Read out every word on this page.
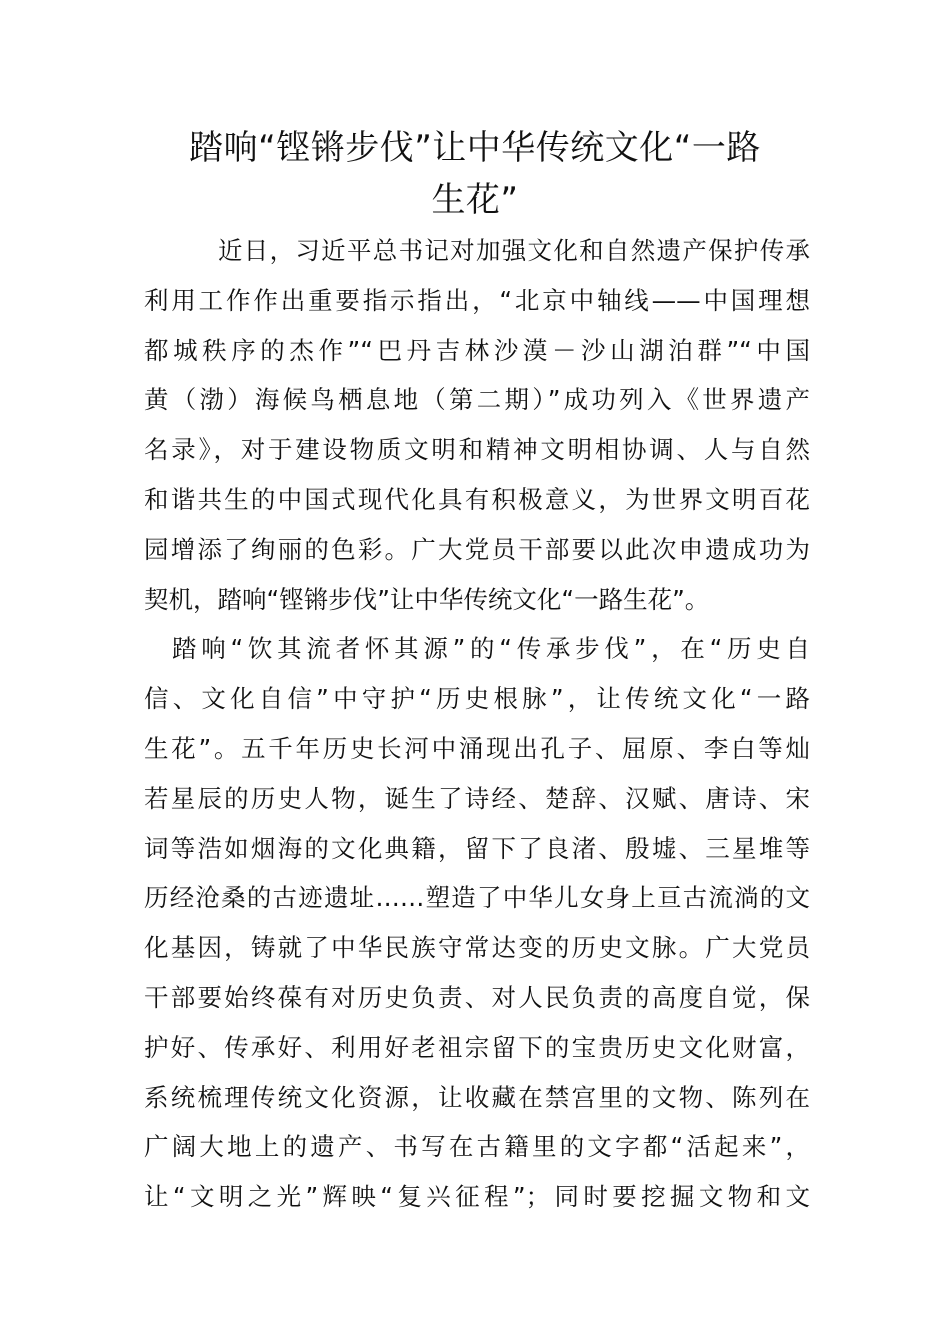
踏响“铿锵步伐”让中华传统文化“一路
生花”
近日，习近平总书记对加强文化和自然遗产保护传承
利用工作作出重要指示指出，“北京中轴线——中国理想
都城秩序的杰作”“巴丹吉林沙漠－沙山湖泊群”“中国
黄（渤）海候鸟栖息地（第二期）”成功列入《世界遗产
名录》，对于建设物质文明和精神文明相协调、人与自然
和谐共生的中国式现代化具有积极意义，为世界文明百花
园增添了绚丽的色彩。广大党员干部要以此次申遗成功为
契机，踏响“铿锵步伐”让中华传统文化“一路生花”。
踏响“饮其流者怀其源”的“传承步伐”，在“历史自
信、文化自信”中守护“历史根脉”，让传统文化“一路
生花”。五千年历史长河中涌现出孔子、屈原、李白等灿
若星辰的历史人物，诞生了诗经、楚辞、汉赋、唐诗、宋
词等浩如烟海的文化典籍，留下了良渚、殷墟、三星堆等
历经沧桑的古迹遗址……塑造了中华儿女身上亘古流淌的文
化基因，铸就了中华民族守常达变的历史文脉。广大党员
干部要始终葆有对历史负责、对人民负责的高度自觉，保
护好、传承好、利用好老祖宗留下的宝贵历史文化财富，
系统梳理传统文化资源，让收藏在禁宫里的文物、陈列在
广阔大地上的遗产、书写在古籍里的文字都“活起来”，
让“文明之光”辉映“复兴征程”；同时要挖掘文物和文
